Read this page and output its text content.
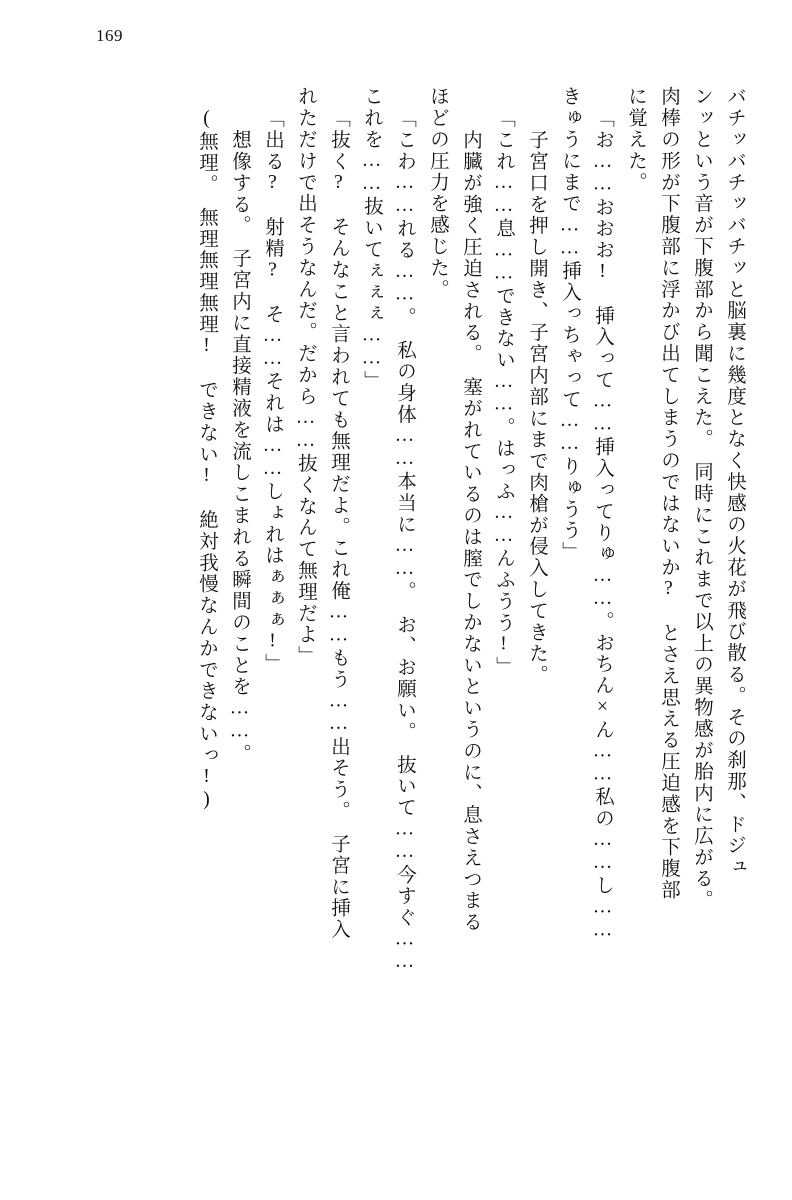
169
バチッバチッバチッと脳裏に幾度となく快感の火花が飛び散る。その刹那、ドジュ
ンッという音が下腹部から聞こえた。　同時にこれまで以上の異物感が胎内に広がる。
肉棒の形が下腹部に浮かび出てしまうのではないか?　とさえ思える圧迫感を下腹部
に覚えた。
「お……おおお!　挿入って……挿入ってりゅ……。おちん×ん……私の……し……
きゅうにまで……挿入っちゃって……りゅうう」
　子宮口を押し開き、子宮内部にまで肉槍が侵入してきた。
「これ……息……できない……。はっふ……んふうう!」
　内臓が強く圧迫される。　塞がれているのは膣でしかないというのに、息さえつまる
ほどの圧力を感じた。
「こわ……れる……。　私の身体……本当に……。　お、お願い。　抜いて……今すぐ……
これを……抜いてぇぇぇ……」
「抜く?　そんなこと言われても無理だよ。これ俺……もう……出そう。　子宮に挿入
れただけで出そうなんだ。だから……抜くなんて無理だよ」
「出る?　射精?　そ……それは……しょれはぁぁぁ!」
　想像する。　子宮内に直接精液を流しこまれる瞬間のことを……。
(無理。　無理無理無理!　できない!　絶対我慢なんかできないっ!)
